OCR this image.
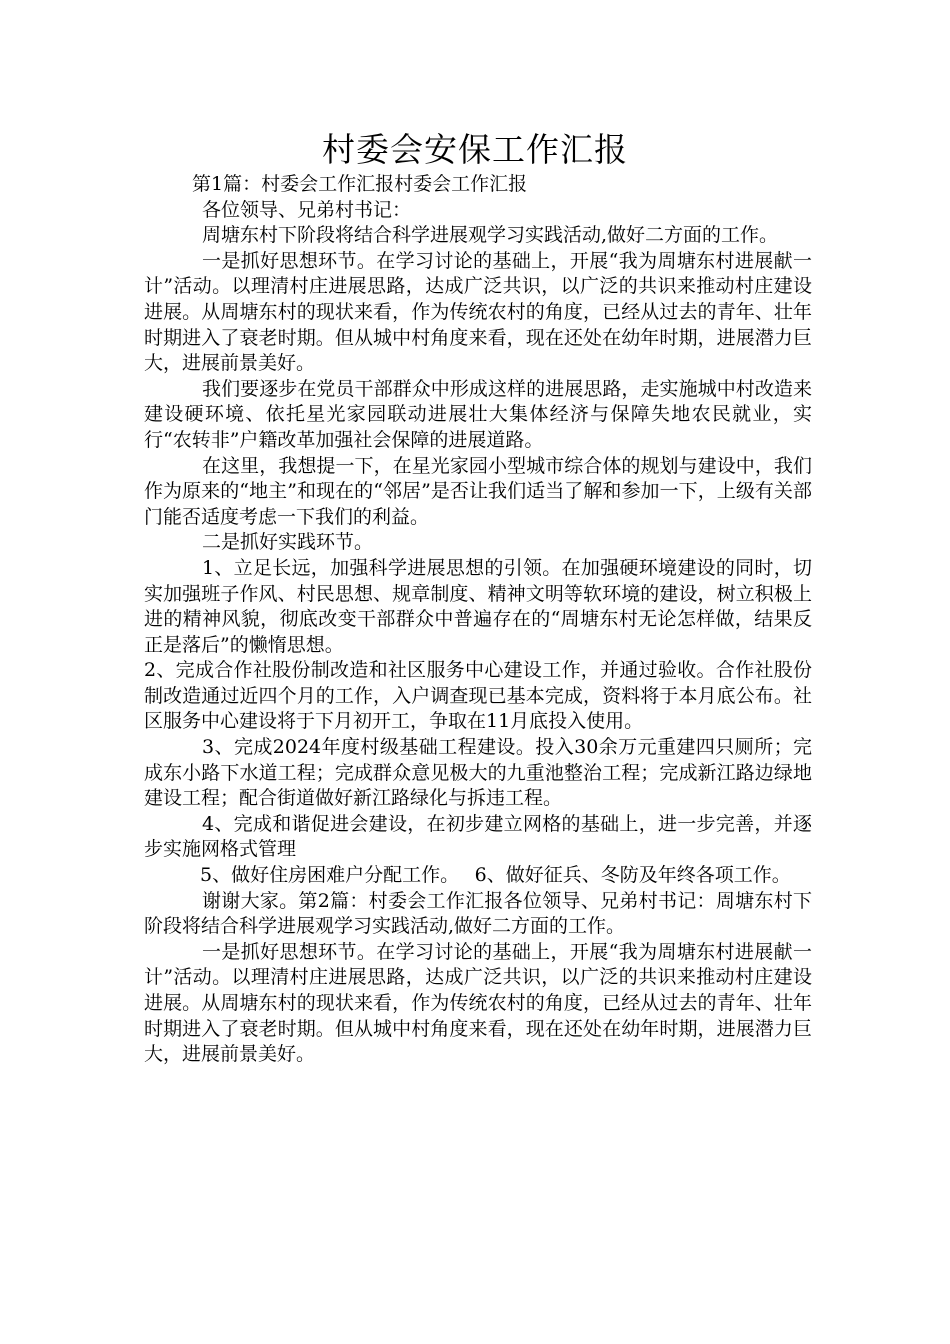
村委会安保工作汇报

第1篇：村委会工作汇报村委会工作汇报

各位领导、兄弟村书记：

周塘东村下阶段将结合科学进展观学习实践活动,做好二方面的工作。

一是抓好思想环节。在学习讨论的基础上，开展“我为周塘东村进展献一计”活动。以理清村庄进展思路，达成广泛共识，以广泛的共识来推动村庄建设进展。从周塘东村的现状来看，作为传统农村的角度，已经从过去的青年、壮年时期进入了衰老时期。但从城中村角度来看，现在还处在幼年时期，进展潜力巨大，进展前景美好。

我们要逐步在党员干部群众中形成这样的进展思路，走实施城中村改造来建设硬环境、依托星光家园联动进展壮大集体经济与保障失地农民就业，实行“农转非”户籍改革加强社会保障的进展道路。

在这里，我想提一下，在星光家园小型城市综合体的规划与建设中，我们作为原来的“地主”和现在的“邻居”是否让我们适当了解和参加一下，上级有关部门能否适度考虑一下我们的利益。

二是抓好实践环节。

1、立足长远，加强科学进展思想的引领。在加强硬环境建设的同时，切实加强班子作风、村民思想、规章制度、精神文明等软环境的建设，树立积极上进的精神风貌，彻底改变干部群众中普遍存在的“周塘东村无论怎样做，结果反正是落后”的懒惰思想。

2、完成合作社股份制改造和社区服务中心建设工作，并通过验收。合作社股份制改造通过近四个月的工作，入户调查现已基本完成，资料将于本月底公布。社区服务中心建设将于下月初开工，争取在11月底投入使用。

3、完成2024年度村级基础工程建设。投入30余万元重建四只厕所；完成东小路下水道工程；完成群众意见极大的九重池整治工程；完成新江路边绿地建设工程；配合街道做好新江路绿化与拆违工程。

4、完成和谐促进会建设，在初步建立网格的基础上，进一步完善，并逐步实施网格式管理

5、做好住房困难户分配工作。　 6、做好征兵、冬防及年终各项工作。

谢谢大家。第2篇：村委会工作汇报各位领导、兄弟村书记：周塘东村下阶段将结合科学进展观学习实践活动,做好二方面的工作。

一是抓好思想环节。在学习讨论的基础上，开展“我为周塘东村进展献一计”活动。以理清村庄进展思路，达成广泛共识，以广泛的共识来推动村庄建设进展。从周塘东村的现状来看，作为传统农村的角度，已经从过去的青年、壮年时期进入了衰老时期。但从城中村角度来看，现在还处在幼年时期，进展潜力巨大，进展前景美好。
